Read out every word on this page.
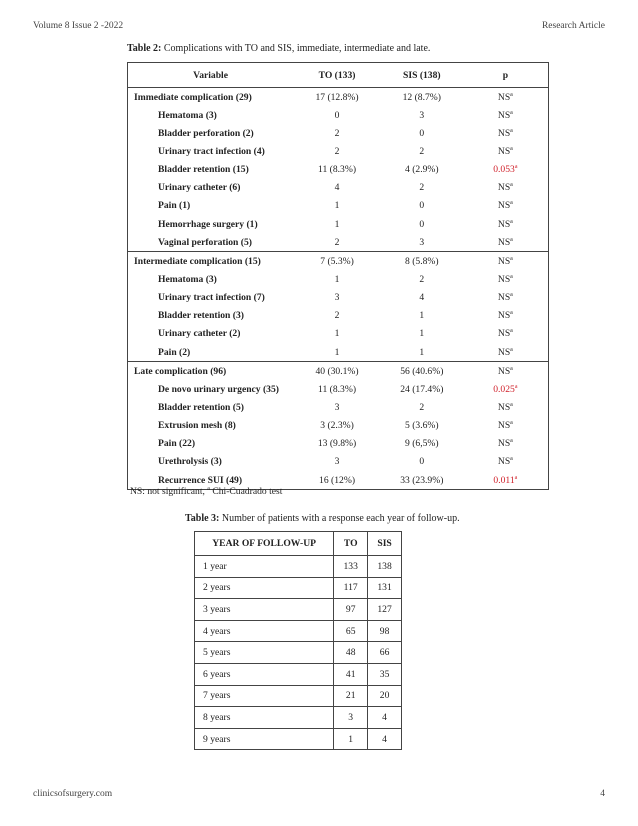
Volume 8 Issue 2 -2022	Research Article
Table 2: Complications with TO and SIS, immediate, intermediate and late.
Variable	TO (133)	SIS (138)	p
Immediate complication (29)	17 (12.8%)	12 (8.7%)	$NS^a$
Hematoma (3)	0	3	$NS^a$
Bladder perforation (2)	2	0	$NS^a$
Urinary tract infection (4)	2	2	$NS^a$
Bladder retention (15)	11 (8.3%)	4 (2.9%)	0.053$^a$
Urinary catheter (6)	4	2	$NS^a$
Pain (1)	1	0	$NS^a$
Hemorrhage surgery (1)	1	0	$NS^a$
Vaginal perforation (5)	2	3	$NS^a$
Intermediate complication (15)	7 (5.3%)	8 (5.8%)	$NS^a$
Hematoma (3)	1	2	$NS^a$
Urinary tract infection (7)	3	4	$NS^a$
Bladder retention (3)	2	1	$NS^a$
Urinary catheter (2)	1	1	$NS^a$
Pain (2)	1	1	$NS^a$
Late complication (96)	40 (30.1%)	56 (40.6%)	$NS^a$
De novo urinary urgency (35)	11 (8.3%)	24 (17.4%)	0.025$^a$
Bladder retention (5)	3	2	$NS^a$
Extrusion mesh (8)	3 (2.3%)	5 (3.6%)	$NS^a$
Pain (22)	13 (9.8%)	9 (6,5%)	$NS^a$
Urethrolysis (3)	3	0	$NS^a$
Recurrence SUI (49)	16 (12%)	33 (23.9%)	0.011$^a$
NS: not significant, $^a$ Chi-Cuadrado test
Table 3: Number of patients with a response each year of follow-up.
YEAR OF FOLLOW-UP	TO	SIS
1 year	133	138
2 years	117	131
3 years	97	127
4 years	65	98
5 years	48	66
6 years	41	35
7 years	21	20
8 years	3	4
9 years	1	4
clinicsofsurgery.com	4
